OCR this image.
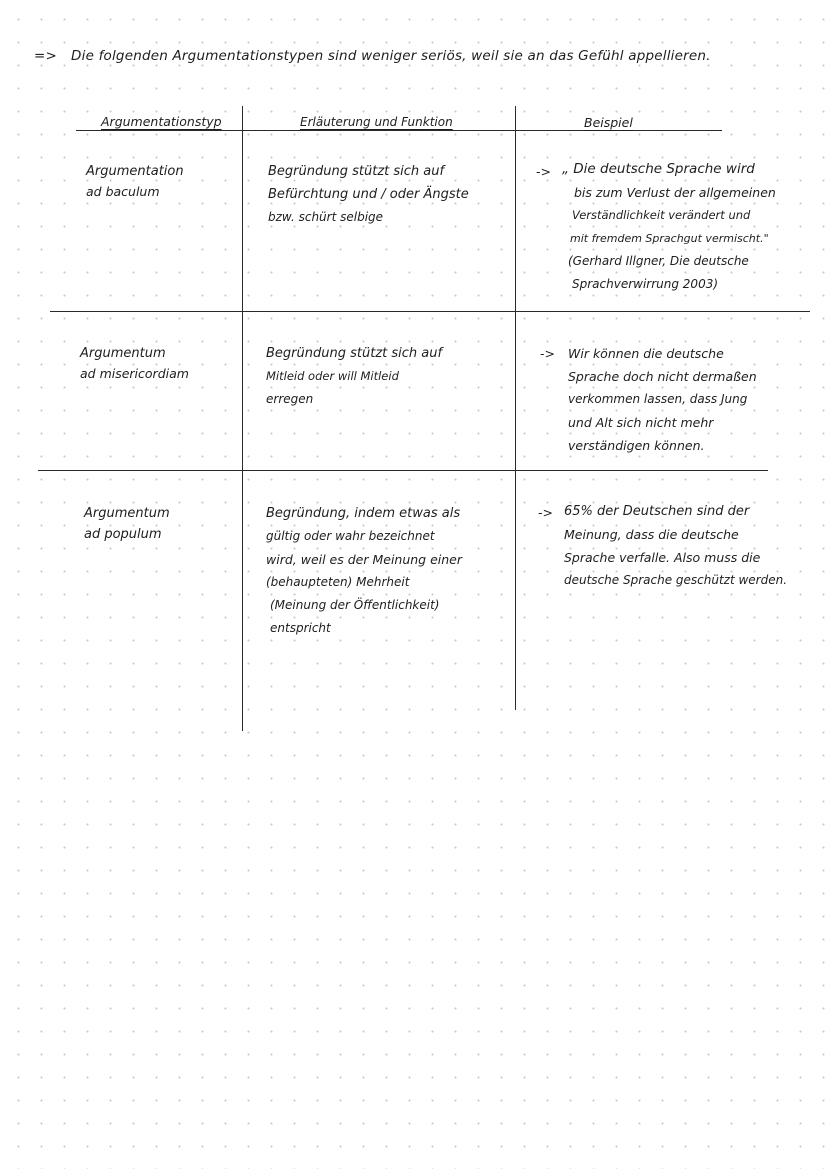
=> Die folgenden Argumentationstypen sind weniger seriös, weil sie an das Gefühl appellieren.
Argumentationstyp	Erläuterung und Funktion	Beispiel
Argumentation
ad baculum
Begründung stützt sich auf
Befürchtung und / oder Ängste
bzw. schürt selbige
-> „ Die deutsche Sprache wird
bis zum Verlust der allgemeinen
Verständlichkeit verändert und
mit fremdem Sprachgut vermischt."
(Gerhard Illgner, Die deutsche
Sprachverwirrung 2003)
Argumentum
ad misericordiam
Begründung stützt sich auf
Mitleid oder will Mitleid
erregen
-> Wir können die deutsche
Sprache doch nicht dermaßen
verkommen lassen, dass Jung
und Alt sich nicht mehr
verständigen können.
Argumentum
ad populum
Begründung, indem etwas als
gültig oder wahr bezeichnet
wird, weil es der Meinung einer
(behaupteten) Mehrheit
(Meinung der Öffentlichkeit)
entspricht
-> 65% der Deutschen sind der
Meinung, dass die deutsche
Sprache verfalle. Also muss die
deutsche Sprache geschützt werden.
